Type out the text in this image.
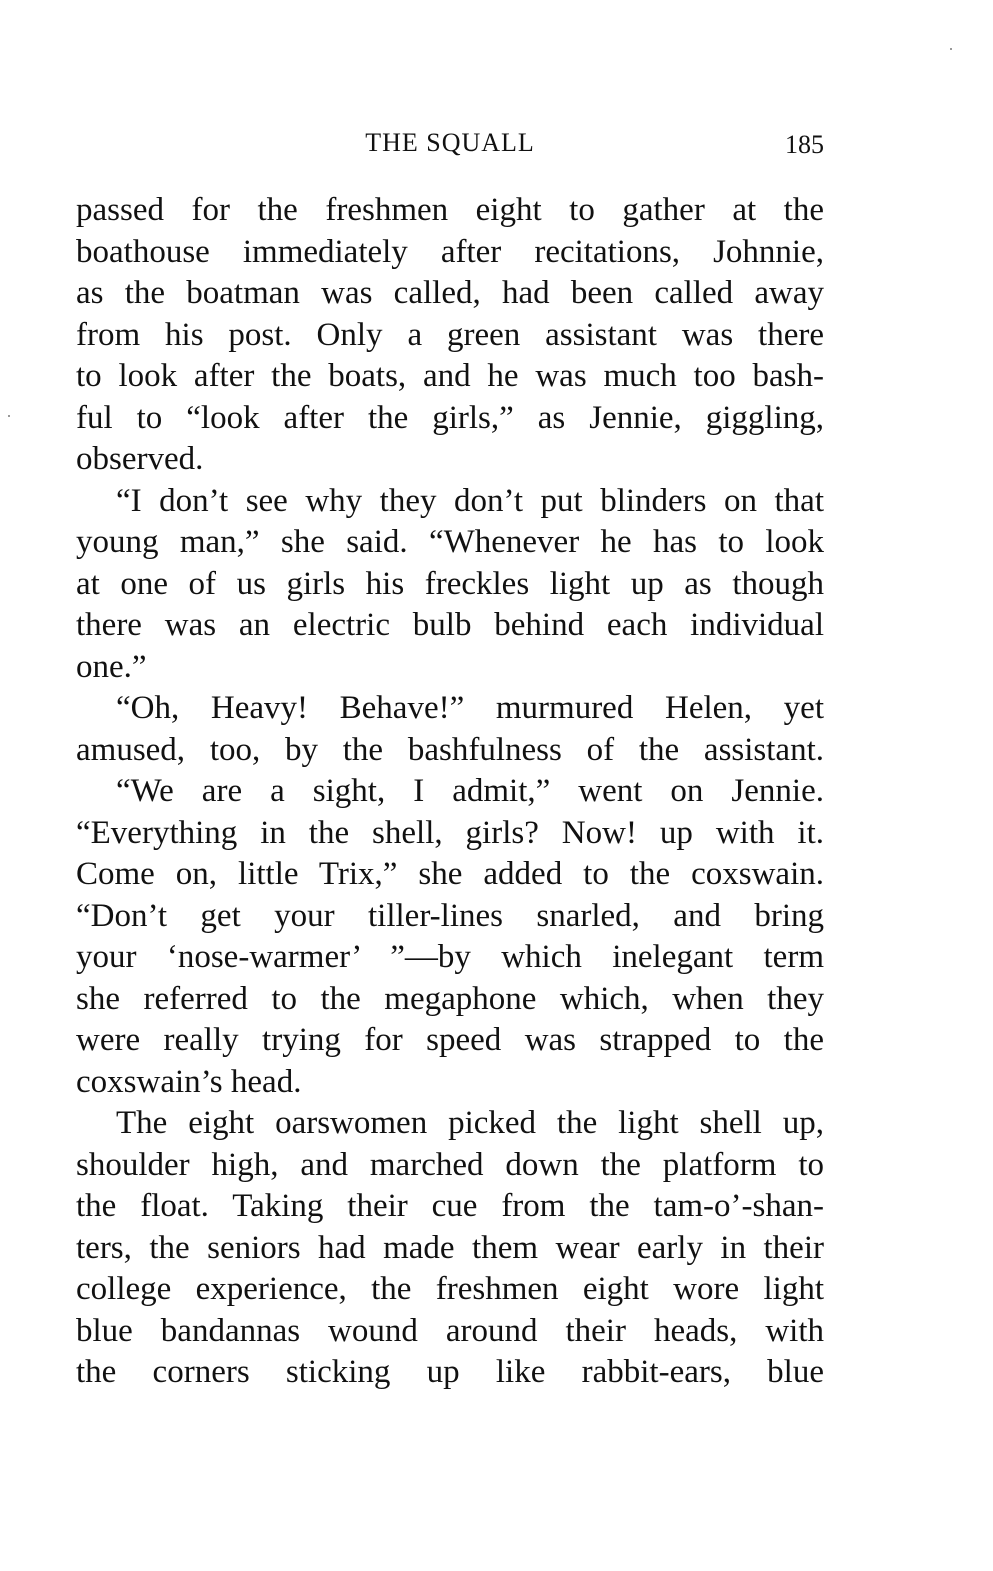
THE SQUALL	185
passed for the freshmen eight to gather at the
boathouse immediately after recitations, Johnnie,
as the boatman was called, had been called away
from his post. Only a green assistant was there
to look after the boats, and he was much too bash-
ful to “look after the girls,” as Jennie, giggling,
observed.
“I don’t see why they don’t put blinders on that
young man,” she said. “Whenever he has to look
at one of us girls his freckles light up as though
there was an electric bulb behind each individual
one.”
“Oh, Heavy! Behave!” murmured Helen, yet
amused, too, by the bashfulness of the assistant.
“We are a sight, I admit,” went on Jennie.
“Everything in the shell, girls? Now! up with it.
Come on, little Trix,” she added to the coxswain.
“Don’t get your tiller-lines snarled, and bring
your ‘nose-warmer’ ”—by which inelegant term
she referred to the megaphone which, when they
were really trying for speed was strapped to the
coxswain’s head.
The eight oarswomen picked the light shell up,
shoulder high, and marched down the platform to
the float. Taking their cue from the tam-o’-shan-
ters, the seniors had made them wear early in their
college experience, the freshmen eight wore light
blue bandannas wound around their heads, with
the corners sticking up like rabbit-ears, blue
